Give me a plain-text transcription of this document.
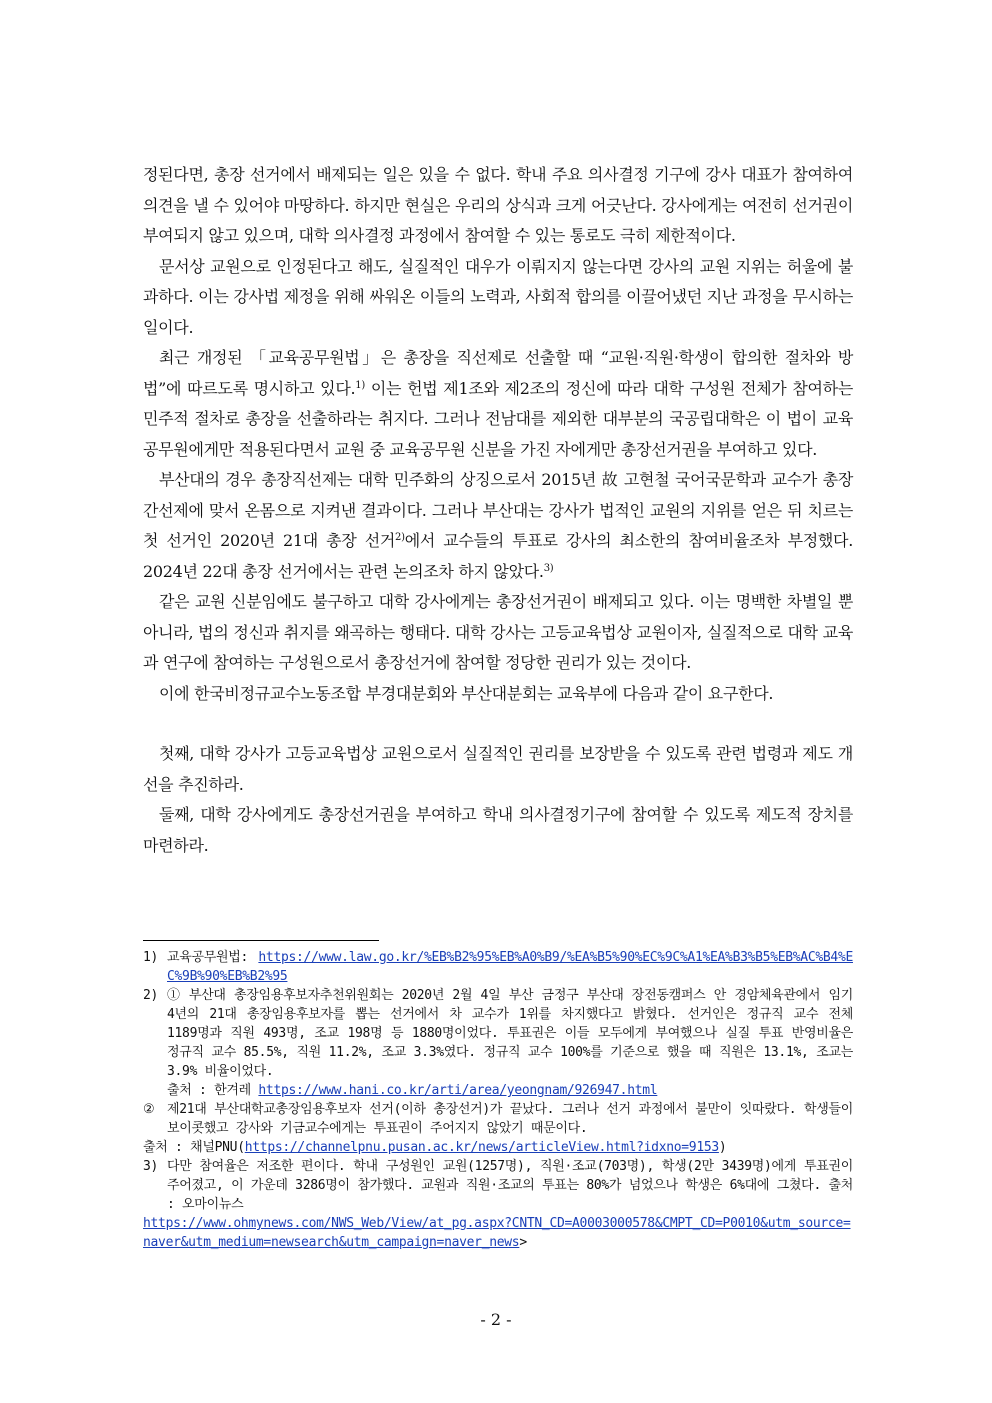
정된다면, 총장 선거에서 배제되는 일은 있을 수 없다. 학내 주요 의사결정 기구에 강사 대표가 참여하여 의견을 낼 수 있어야 마땅하다. 하지만 현실은 우리의 상식과 크게 어긋난다. 강사에게는 여전히 선거권이 부여되지 않고 있으며, 대학 의사결정 과정에서 참여할 수 있는 통로도 극히 제한적이다.

문서상 교원으로 인정된다고 해도, 실질적인 대우가 이뤄지지 않는다면 강사의 교원 지위는 허울에 불과하다. 이는 강사법 제정을 위해 싸워온 이들의 노력과, 사회적 합의를 이끌어냈던 지난 과정을 무시하는 일이다.

최근 개정된 「교육공무원법」은 총장을 직선제로 선출할 때 “교원·직원·학생이 합의한 절차와 방법”에 따르도록 명시하고 있다.$^{1)}$ 이는 헌법 제1조와 제2조의 정신에 따라 대학 구성원 전체가 참여하는 민주적 절차로 총장을 선출하라는 취지다. 그러나 전남대를 제외한 대부분의 국공립대학은 이 법이 교육공무원에게만 적용된다면서 교원 중 교육공무원 신분을 가진 자에게만 총장선거권을 부여하고 있다.

부산대의 경우 총장직선제는 대학 민주화의 상징으로서 2015년 故 고현철 국어국문학과 교수가 총장 간선제에 맞서 온몸으로 지켜낸 결과이다. 그러나 부산대는 강사가 법적인 교원의 지위를 얻은 뒤 치르는 첫 선거인 2020년 21대 총장 선거$^{2)}$에서 교수들의 투표로 강사의 최소한의 참여비율조차 부정했다. 2024년 22대 총장 선거에서는 관련 논의조차 하지 않았다.$^{3)}$

같은 교원 신분임에도 불구하고 대학 강사에게는 총장선거권이 배제되고 있다. 이는 명백한 차별일 뿐 아니라, 법의 정신과 취지를 왜곡하는 행태다. 대학 강사는 고등교육법상 교원이자, 실질적으로 대학 교육과 연구에 참여하는 구성원으로서 총장선거에 참여할 정당한 권리가 있는 것이다.

이에 한국비정규교수노동조합 부경대분회와 부산대분회는 교육부에 다음과 같이 요구한다.

첫째, 대학 강사가 고등교육법상 교원으로서 실질적인 권리를 보장받을 수 있도록 관련 법령과 제도 개선을 추진하라.

둘째, 대학 강사에게도 총장선거권을 부여하고 학내 의사결정기구에 참여할 수 있도록 제도적 장치를 마련하라.

1) 교육공무원법: https://www.law.go.kr/%EB%B2%95%EB%A0%B9/%EA%B5%90%EC%9C%A1%EA%B3%B5%EB%AC%B4%EC%9B%90%EB%B2%95
2) ① 부산대 총장임용후보자추천위원회는 2020년 2월 4일 부산 금정구 부산대 장전동캠퍼스 안 경암체육관에서 임기 4년의 21대 총장임용후보자를 뽑는 선거에서 차 교수가 1위를 차지했다고 밝혔다. 선거인은 정규직 교수 전체 1189명과 직원 493명, 조교 198명 등 1880명이었다. 투표권은 이들 모두에게 부여했으나 실질 투표 반영비율은 정규직 교수 85.5%, 직원 11.2%, 조교 3.3%였다. 정규직 교수 100%를 기준으로 했을 때 직원은 13.1%, 조교는 3.9% 비율이었다.
출처 : 한겨레 https://www.hani.co.kr/arti/area/yeongnam/926947.html
② 제21대 부산대학교총장임용후보자 선거(이하 총장선거)가 끝났다. 그러나 선거 과정에서 불만이 잇따랐다. 학생들이 보이콧했고 강사와 기금교수에게는 투표권이 주어지지 않았기 때문이다.

출처 : 채널PNU(https://channelpnu.pusan.ac.kr/news/articleView.html?idxno=9153)

3) 다만 참여율은 저조한 편이다. 학내 구성원인 교원(1257명), 직원·조교(703명), 학생(2만 3439명)에게 투표권이 주어졌고, 이 가운데 3286명이 참가했다. 교원과 직원·조교의 투표는 80%가 넘었으나 학생은 6%대에 그쳤다. 출처 : 오마이뉴스

https://www.ohmynews.com/NWS_Web/View/at_pg.aspx?CNTN_CD=A0003000578&CMPT_CD=P0010&utm_source=naver&utm_medium=newsearch&utm_campaign=naver_news>

- 2 -
